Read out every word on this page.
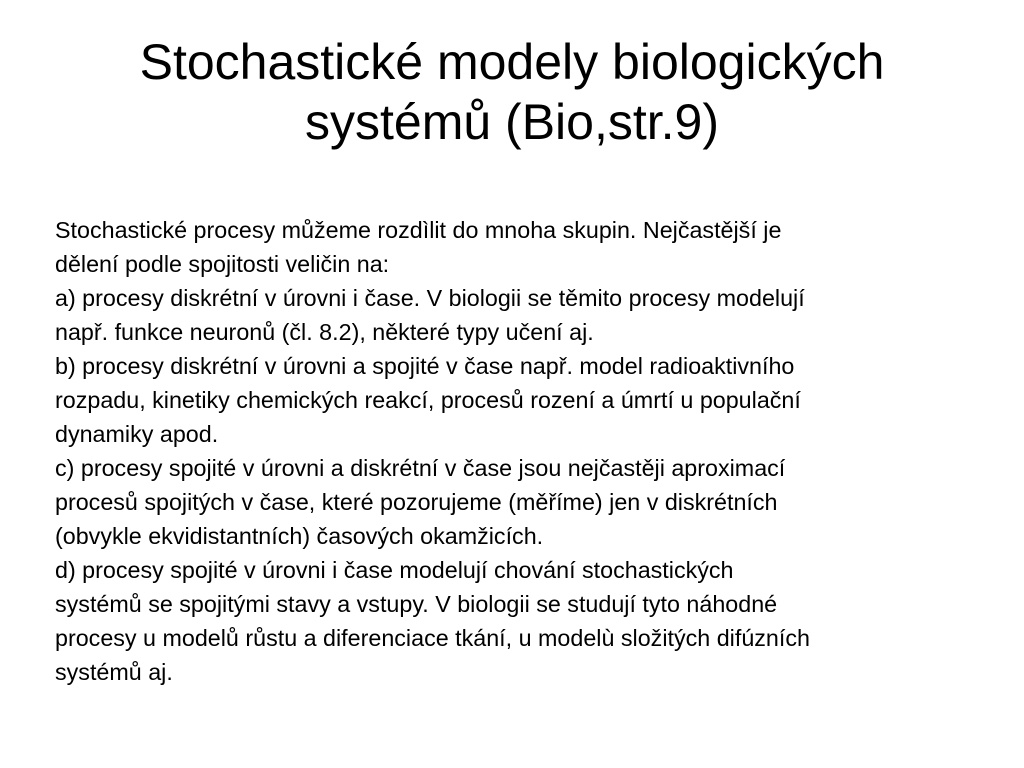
Stochastické modely biologických
systémů (Bio,str.9)

Stochastické procesy můžeme rozdìlit do mnoha skupin. Nejčastější je
dělení podle spojitosti veličin na:

a) procesy diskrétní v úrovni i čase. V biologii se těmito procesy modelují
např. funkce neuronů (čl. 8.2), některé typy učení aj.

b) procesy diskrétní v úrovni a spojité v čase např. model radioaktivního
rozpadu, kinetiky chemických reakcí, procesů rození a úmrtí u populační
dynamiky apod.

c) procesy spojité v úrovni a diskrétní v čase jsou nejčastěji aproximací
procesů spojitých v čase, které pozorujeme (měříme) jen v diskrétních
(obvykle ekvidistantních) časových okamžicích.

d) procesy spojité v úrovni i čase modelují chování stochastických
systémů se spojitými stavy a vstupy. V biologii se studují tyto náhodné
procesy u modelů růstu a diferenciace tkání, u modelù složitých difúzních
systémů aj.
